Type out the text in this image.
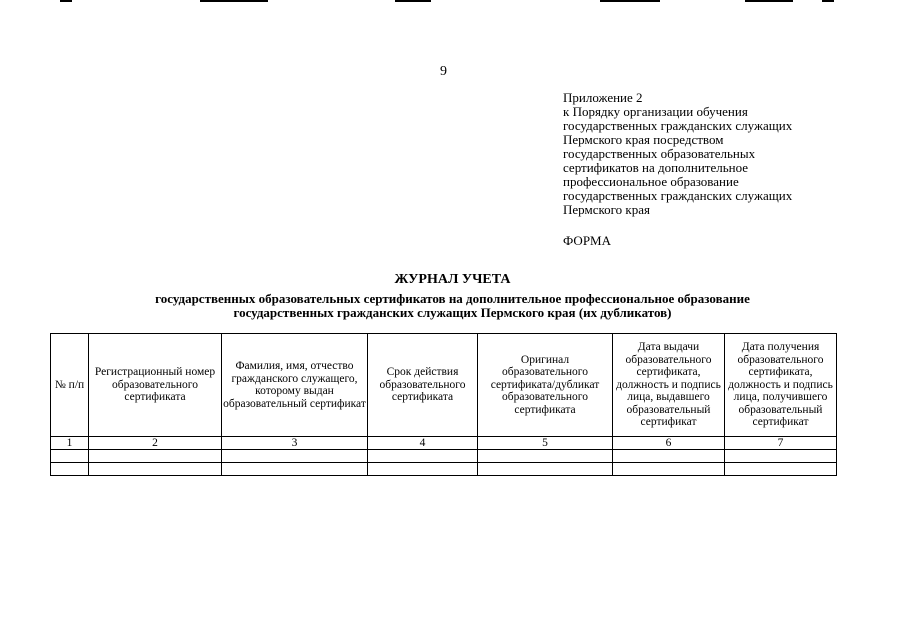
9
Приложение 2
к Порядку организации обучения
государственных гражданских служащих
Пермского края посредством
государственных образовательных
сертификатов на дополнительное
профессиональное образование
государственных гражданских служащих
Пермского края
ФОРМА
ЖУРНАЛ УЧЕТА
государственных образовательных сертификатов на дополнительное профессиональное образование
государственных гражданских служащих Пермского края (их дубликатов)
№ п/п	Регистрационный номер образовательного сертификата	Фамилия, имя, отчество гражданского служащего, которому выдан образовательный сертификат	Срок действия образовательного сертификата	Оригинал образовательного сертификата/дубликат образовательного сертификата	Дата выдачи образовательного сертификата, должность и подпись лица, выдавшего образовательный сертификат	Дата получения образовательного сертификата, должность и подпись лица, получившего образовательный сертификат
1	2	3	4	5	6	7
